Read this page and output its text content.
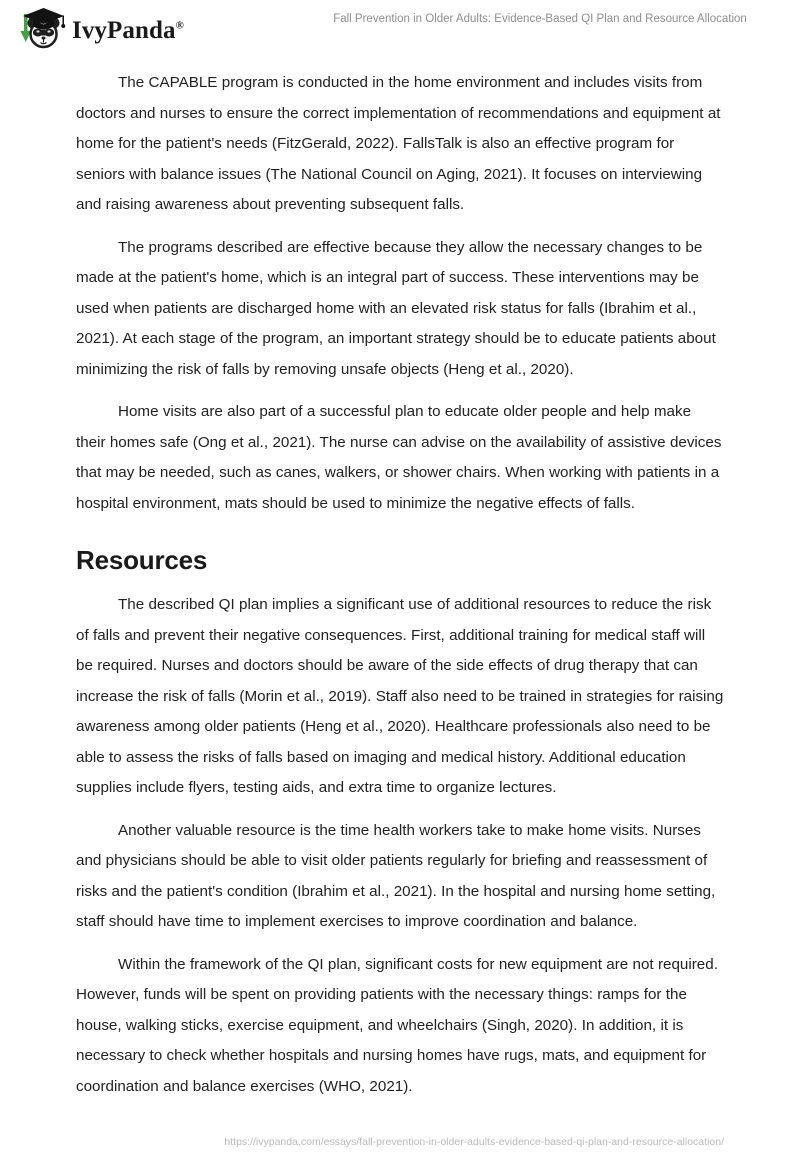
IvyPanda®
Fall Prevention in Older Adults: Evidence-Based QI Plan and Resource Allocation

The CAPABLE program is conducted in the home environment and includes visits from doctors and nurses to ensure the correct implementation of recommendations and equipment at home for the patient's needs (FitzGerald, 2022). FallsTalk is also an effective program for seniors with balance issues (The National Council on Aging, 2021). It focuses on interviewing and raising awareness about preventing subsequent falls.

The programs described are effective because they allow the necessary changes to be made at the patient's home, which is an integral part of success. These interventions may be used when patients are discharged home with an elevated risk status for falls (Ibrahim et al., 2021). At each stage of the program, an important strategy should be to educate patients about minimizing the risk of falls by removing unsafe objects (Heng et al., 2020).

Home visits are also part of a successful plan to educate older people and help make their homes safe (Ong et al., 2021). The nurse can advise on the availability of assistive devices that may be needed, such as canes, walkers, or shower chairs. When working with patients in a hospital environment, mats should be used to minimize the negative effects of falls.

Resources

The described QI plan implies a significant use of additional resources to reduce the risk of falls and prevent their negative consequences. First, additional training for medical staff will be required. Nurses and doctors should be aware of the side effects of drug therapy that can increase the risk of falls (Morin et al., 2019). Staff also need to be trained in strategies for raising awareness among older patients (Heng et al., 2020). Healthcare professionals also need to be able to assess the risks of falls based on imaging and medical history. Additional education supplies include flyers, testing aids, and extra time to organize lectures.

Another valuable resource is the time health workers take to make home visits. Nurses and physicians should be able to visit older patients regularly for briefing and reassessment of risks and the patient's condition (Ibrahim et al., 2021). In the hospital and nursing home setting, staff should have time to implement exercises to improve coordination and balance.

Within the framework of the QI plan, significant costs for new equipment are not required. However, funds will be spent on providing patients with the necessary things: ramps for the house, walking sticks, exercise equipment, and wheelchairs (Singh, 2020). In addition, it is necessary to check whether hospitals and nursing homes have rugs, mats, and equipment for coordination and balance exercises (WHO, 2021).

https://ivypanda.com/essays/fall-prevention-in-older-adults-evidence-based-qi-plan-and-resource-allocation/
